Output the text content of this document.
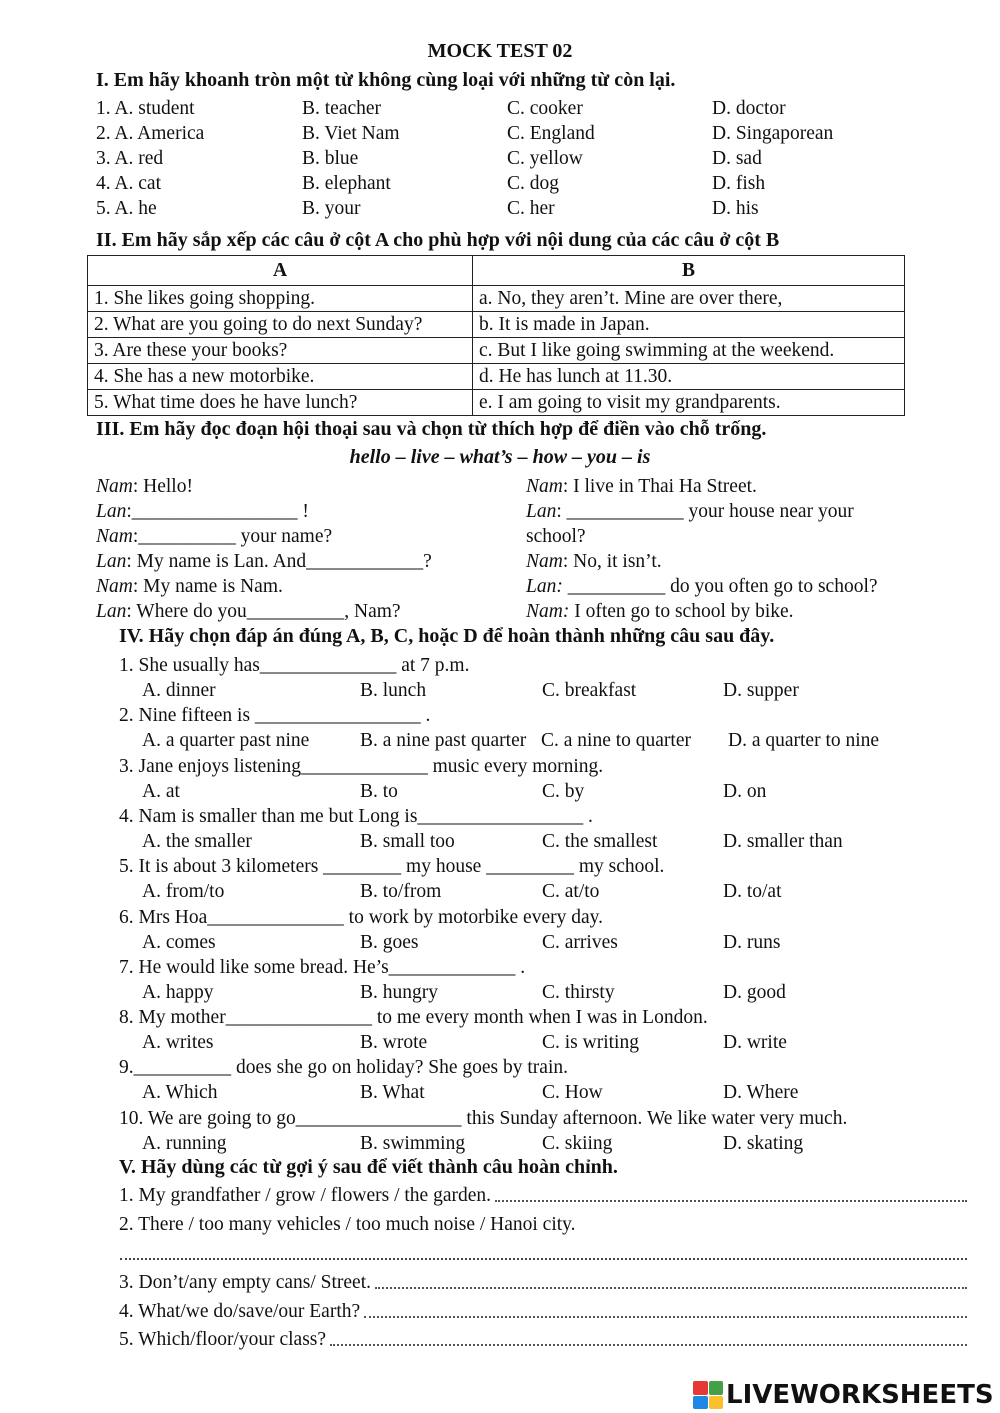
MOCK TEST 02
I. Em hãy khoanh tròn một từ không cùng loại với những từ còn lại.
1. A. student	B. teacher	C. cooker	D. doctor
2. A. America	B. Viet Nam	C. England	D. Singaporean
3. A. red	B. blue	C. yellow	D. sad
4. A. cat	B. elephant	C. dog	D. fish
5. A. he	B. your	C. her	D. his
II. Em hãy sắp xếp các câu ở cột A cho phù hợp với nội dung của các câu ở cột B
A	B
1. She likes going shopping.	a. No, they aren’t. Mine are over there,
2. What are you going to do next Sunday?	b. It is made in Japan.
3. Are these your books?	c. But I like going swimming at the weekend.
4. She has a new motorbike.	d. He has lunch at 11.30.
5. What time does he have lunch?	e. I am going to visit my grandparents.
III. Em hãy đọc đoạn hội thoại sau và chọn từ thích hợp để điền vào chỗ trống.
hello – live – what’s – how – you – is
Nam: Hello!
Lan:_________________ !
Nam:__________ your name?
Lan: My name is Lan. And____________?
Nam: My name is Nam.
Lan: Where do you__________, Nam?
Nam: I live in Thai Ha Street.
Lan: ____________ your house near your
school?
Nam: No, it isn’t.
Lan: __________ do you often go to school?
Nam: I often go to school by bike.
IV. Hãy chọn đáp án đúng A, B, C, hoặc D để hoàn thành những câu sau đây.
1. She usually has______________ at 7 p.m.
A. dinner	B. lunch	C. breakfast	D. supper
2. Nine fifteen is _________________ .
A. a quarter past nine	B. a nine past quarter C. a nine to quarter D. a quarter to nine
3. Jane enjoys listening_____________ music every morning.
A. at	B. to	C. by	D. on
4. Nam is smaller than me but Long is_________________ .
A. the smaller	B. small too	C. the smallest	D. smaller than
5. It is about 3 kilometers ________ my house _________ my school.
A. from/to	B. to/from	C. at/to	D. to/at
6. Mrs Hoa______________ to work by motorbike every day.
A. comes	B. goes	C. arrives	D. runs
7. He would like some bread. He’s_____________ .
A. happy	B. hungry	C. thirsty	D. good
8. My mother_______________ to me every month when I was in London.
A. writes	B. wrote	C. is writing	D. write
9.__________ does she go on holiday? She goes by train.
A. Which	B. What	C. How	D. Where
10. We are going to go_________________ this Sunday afternoon. We like water very much.
A. running	B. swimming	C. skiing	D. skating
V. Hãy dùng các từ gợi ý sau để viết thành câu hoàn chỉnh.
1. My grandfather / grow / flowers / the garden.
2. There / too many vehicles / too much noise / Hanoi city.
3. Don’t/any empty cans/ Street.
4. What/we do/save/our Earth?
5. Which/floor/your class?
LIVEWORKSHEETS
